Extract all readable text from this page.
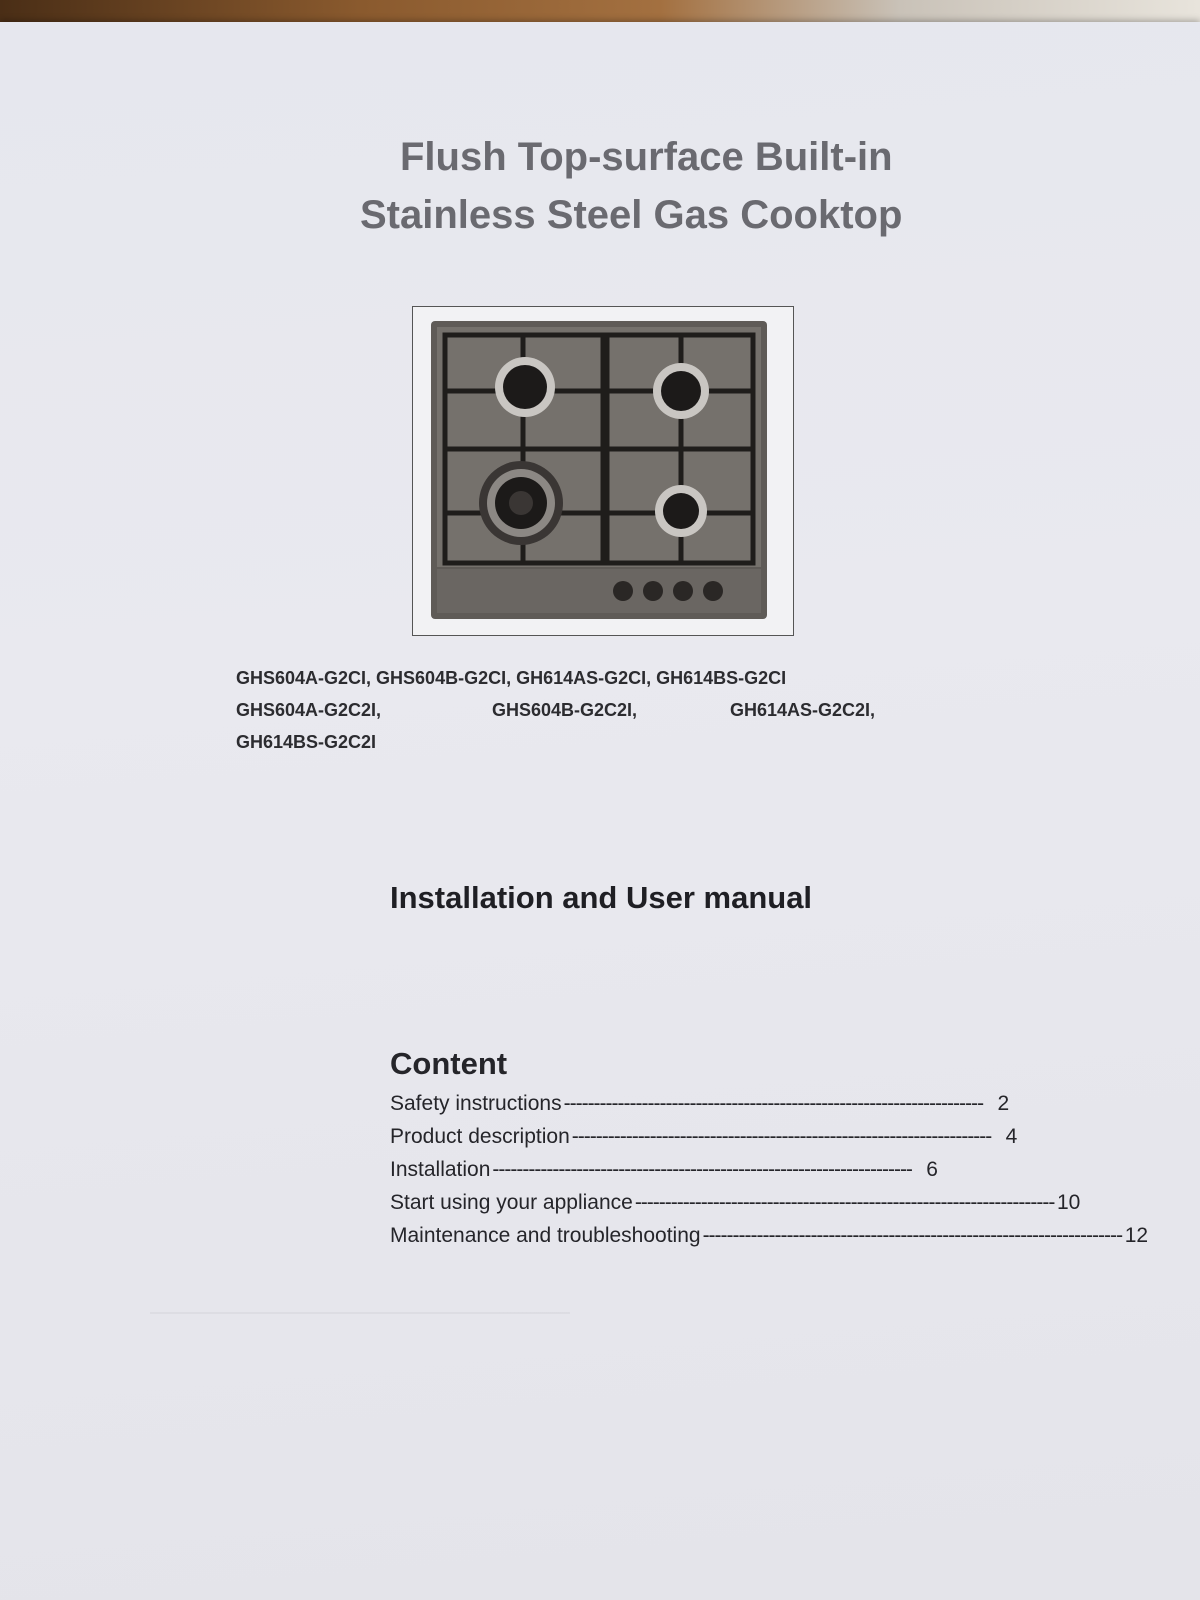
Flush Top-surface Built-in
Stainless Steel Gas Cooktop
GHS604A-G2CI, GHS604B-G2CI, GH614AS-G2CI, GH614BS-G2CI
GHS604A-G2C2I,	GHS604B-G2C2I,	GH614AS-G2C2I,
GH614BS-G2C2I
Installation and User manual
Content
Safety instructions ---------------------------------------------------------------------- 2
Product description ---------------------------------------------------------------------- 4
Installation ---------------------------------------------------------------------- 6
Start using your appliance ---------------------------------------------------------------------- 10
Maintenance and troubleshooting ---------------------------------------------------------------------- 12
